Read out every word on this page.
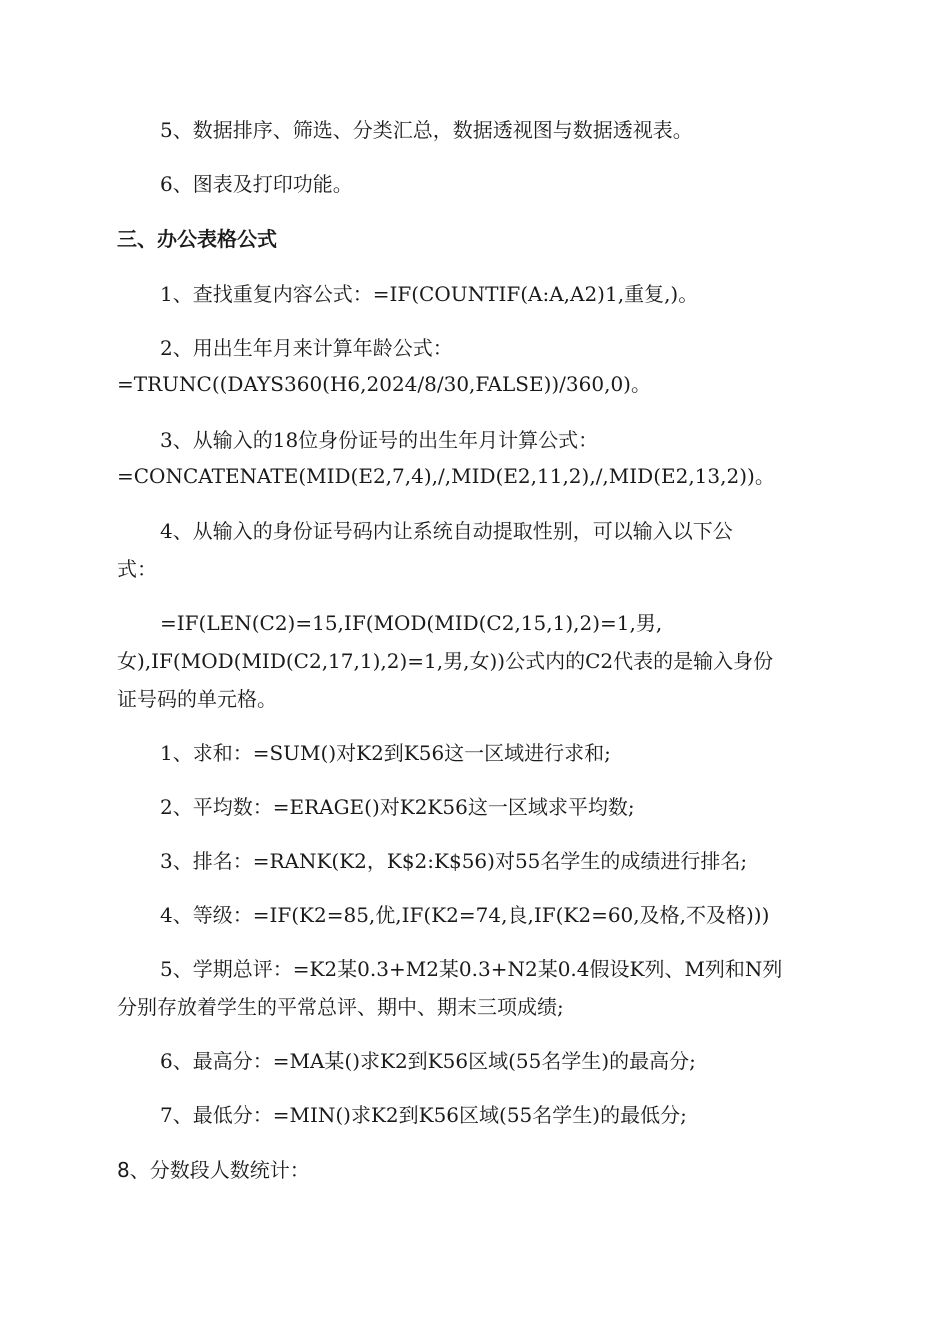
5、数据排序、筛选、分类汇总，数据透视图与数据透视表。
6、图表及打印功能。
三、办公表格公式
1、查找重复内容公式：=IF(COUNTIF(A:A,A2)1,重复,)。
2、用出生年月来计算年龄公式：
=TRUNC((DAYS360(H6,2024/8/30,FALSE))/360,0)。
3、从输入的18位身份证号的出生年月计算公式：
=CONCATENATE(MID(E2,7,4),/,MID(E2,11,2),/,MID(E2,13,2))。
4、从输入的身份证号码内让系统自动提取性别，可以输入以下公
式：
=IF(LEN(C2)=15,IF(MOD(MID(C2,15,1),2)=1,男,
女),IF(MOD(MID(C2,17,1),2)=1,男,女))公式内的C2代表的是输入身份
证号码的单元格。
1、求和：=SUM()对K2到K56这一区域进行求和;
2、平均数：=ERAGE()对K2K56这一区域求平均数;
3、排名：=RANK(K2，K$2:K$56)对55名学生的成绩进行排名;
4、等级：=IF(K2=85,优,IF(K2=74,良,IF(K2=60,及格,不及格)))
5、学期总评：=K2某0.3+M2某0.3+N2某0.4假设K列、M列和N列
分别存放着学生的平常总评、期中、期末三项成绩;
6、最高分：=MA某()求K2到K56区域(55名学生)的最高分;
7、最低分：=MIN()求K2到K56区域(55名学生)的最低分;
8、分数段人数统计：
